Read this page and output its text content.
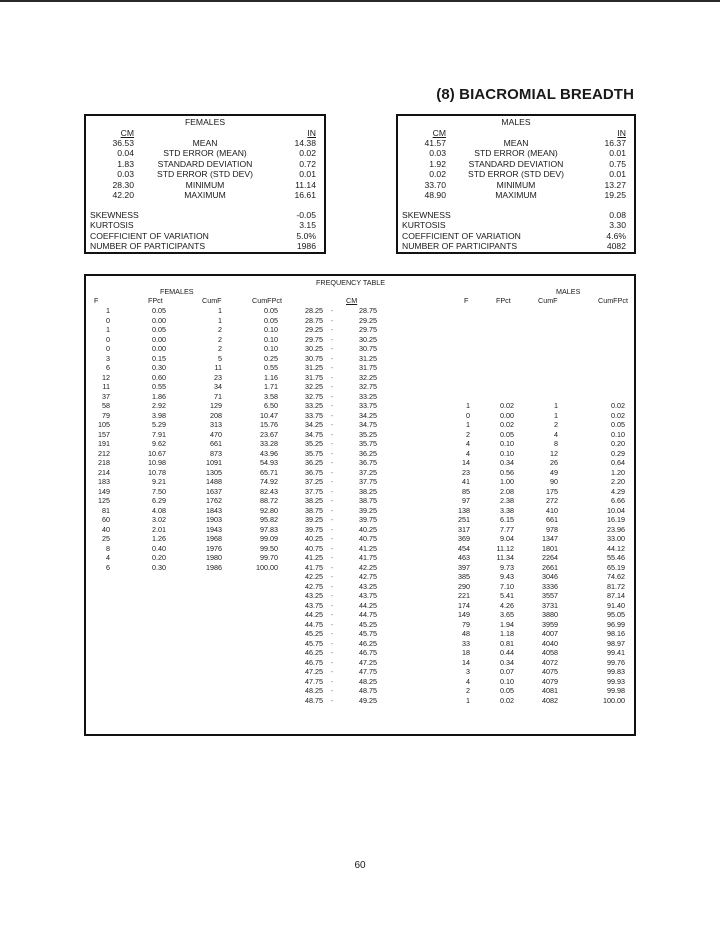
(8) BIACROMIAL BREADTH
FEMALES
CM	IN
36.53	MEAN	14.38
0.04	STD ERROR (MEAN)	0.02
1.83	STANDARD DEVIATION	0.72
0.03	STD ERROR (STD DEV)	0.01
28.30	MINIMUM	11.14
42.20	MAXIMUM	16.61
SKEWNESS	-0.05
KURTOSIS	3.15
COEFFICIENT OF VARIATION	5.0%
NUMBER OF PARTICIPANTS	1986
MALES
CM	IN
41.57	MEAN	16.37
0.03	STD ERROR (MEAN)	0.01
1.92	STANDARD DEVIATION	0.75
0.02	STD ERROR (STD DEV)	0.01
33.70	MINIMUM	13.27
48.90	MAXIMUM	19.25
SKEWNESS	0.08
KURTOSIS	3.30
COEFFICIENT OF VARIATION	4.6%
NUMBER OF PARTICIPANTS	4082
FREQUENCY TABLE
FEMALES	MALES
F	FPct	CumF	CumFPct	CM	F	FPct	CumF	CumFPct
1	0.05	1	0.05	28.25 -	28.75
0	0.00	1	0.05	28.75 -	29.25
1	0.05	2	0.10	29.25 -	29.75
0	0.00	2	0.10	29.75 -	30.25
0	0.00	2	0.10	30.25 -	30.75
3	0.15	5	0.25	30.75 -	31.25
6	0.30	11	0.55	31.25 -	31.75
12	0.60	23	1.16	31.75 -	32.25
11	0.55	34	1.71	32.25 -	32.75
37	1.86	71	3.58	32.75 -	33.25
58	2.92	129	6.50	33.25 -	33.75	1	0.02	1	0.02
79	3.98	208	10.47	33.75 -	34.25	0	0.00	1	0.02
105	5.29	313	15.76	34.25 -	34.75	1	0.02	2	0.05
157	7.91	470	23.67	34.75 -	35.25	2	0.05	4	0.10
191	9.62	661	33.28	35.25 -	35.75	4	0.10	8	0.20
212	10.67	873	43.96	35.75 -	36.25	4	0.10	12	0.29
218	10.98	1091	54.93	36.25 -	36.75	14	0.34	26	0.64
214	10.78	1305	65.71	36.75 -	37.25	23	0.56	49	1.20
183	9.21	1488	74.92	37.25 -	37.75	41	1.00	90	2.20
149	7.50	1637	82.43	37.75 -	38.25	85	2.08	175	4.29
125	6.29	1762	88.72	38.25 -	38.75	97	2.38	272	6.66
81	4.08	1843	92.80	38.75 -	39.25	138	3.38	410	10.04
60	3.02	1903	95.82	39.25 -	39.75	251	6.15	661	16.19
40	2.01	1943	97.83	39.75 -	40.25	317	7.77	978	23.96
25	1.26	1968	99.09	40.25 -	40.75	369	9.04	1347	33.00
8	0.40	1976	99.50	40.75 -	41.25	454	11.12	1801	44.12
4	0.20	1980	99.70	41.25 -	41.75	463	11.34	2264	55.46
6	0.30	1986	100.00	41.75 -	42.25	397	9.73	2661	65.19
42.25 -	42.75	385	9.43	3046	74.62
42.75 -	43.25	290	7.10	3336	81.72
43.25 -	43.75	221	5.41	3557	87.14
43.75 -	44.25	174	4.26	3731	91.40
44.25 -	44.75	149	3.65	3880	95.05
44.75 -	45.25	79	1.94	3959	96.99
45.25 -	45.75	48	1.18	4007	98.16
45.75 -	46.25	33	0.81	4040	98.97
46.25 -	46.75	18	0.44	4058	99.41
46.75 -	47.25	14	0.34	4072	99.76
47.25 -	47.75	3	0.07	4075	99.83
47.75 -	48.25	4	0.10	4079	99.93
48.25 -	48.75	2	0.05	4081	99.98
48.75 -	49.25	1	0.02	4082	100.00
60
